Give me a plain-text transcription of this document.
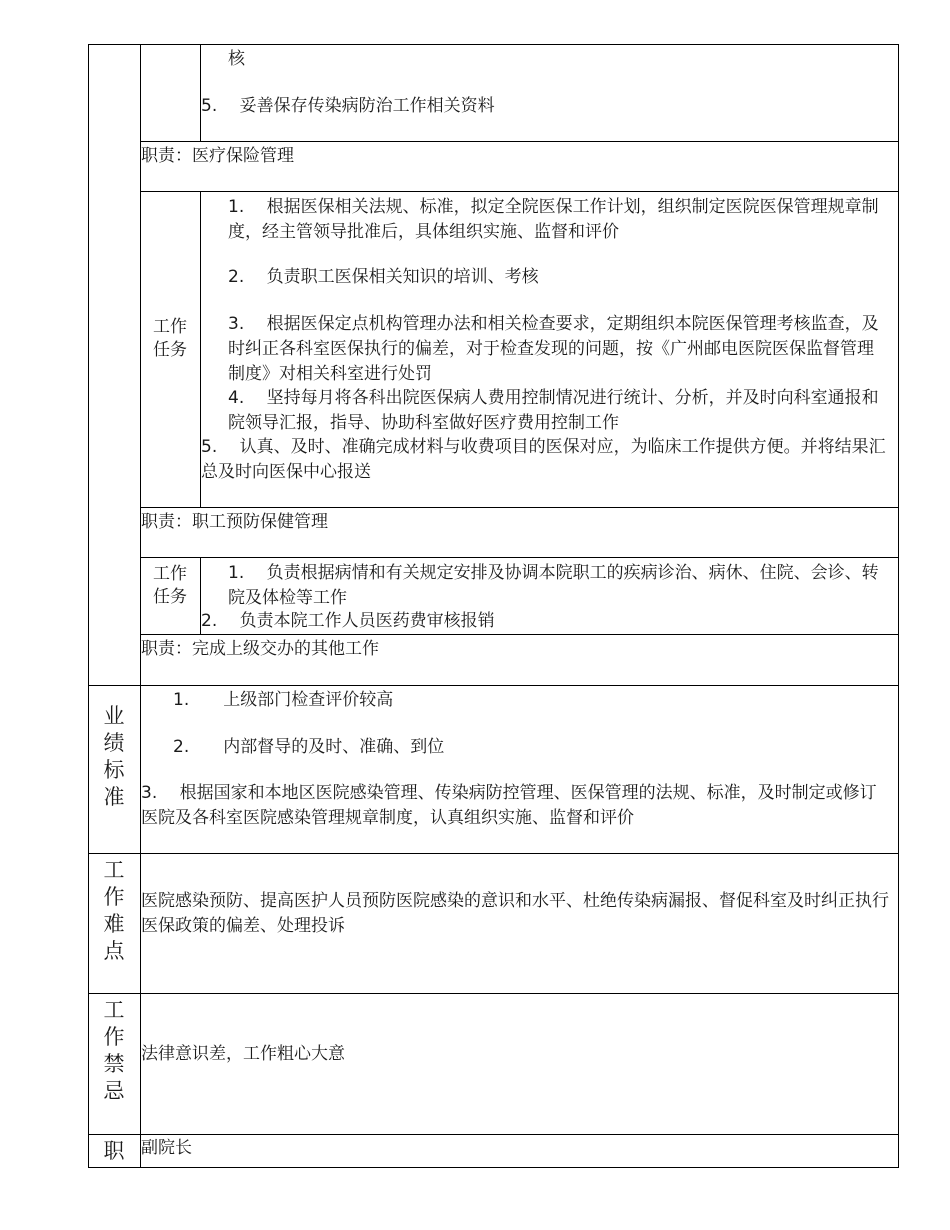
核

5.　 妥善保存传染病防治工作相关资料

职责：医疗保险管理

工作
任务

1.　 根据医保相关法规、标准，拟定全院医保工作计划，组织制定医院医保管理规章制度，经主管领导批准后，具体组织实施、监督和评价

2.　 负责职工医保相关知识的培训、考核

3.　 根据医保定点机构管理办法和相关检查要求，定期组织本院医保管理考核监查，及时纠正各科室医保执行的偏差，对于检查发现的问题，按《广州邮电医院医保监督管理制度》对相关科室进行处罚

4.　 坚持每月将各科出院医保病人费用控制情况进行统计、分析，并及时向科室通报和院领导汇报，指导、协助科室做好医疗费用控制工作

5.　 认真、及时、准确完成材料与收费项目的医保对应，为临床工作提供方便。并将结果汇总及时向医保中心报送

职责：职工预防保健管理

工作
任务

1.　 负责根据病情和有关规定安排及协调本院职工的疾病诊治、病休、住院、会诊、转院及体检等工作

2.　 负责本院工作人员医药费审核报销

职责：完成上级交办的其他工作

业
绩
标
准

1.　　上级部门检查评价较高

2.　　内部督导的及时、准确、到位

3.　 根据国家和本地区医院感染管理、传染病防控管理、医保管理的法规、标准，及时制定或修订医院及各科室医院感染管理规章制度，认真组织实施、监督和评价

工
作
难
点

医院感染预防、提高医护人员预防医院感染的意识和水平、杜绝传染病漏报、督促科室及时纠正执行医保政策的偏差、处理投诉

工
作
禁
忌

法律意识差，工作粗心大意

职 副院长
